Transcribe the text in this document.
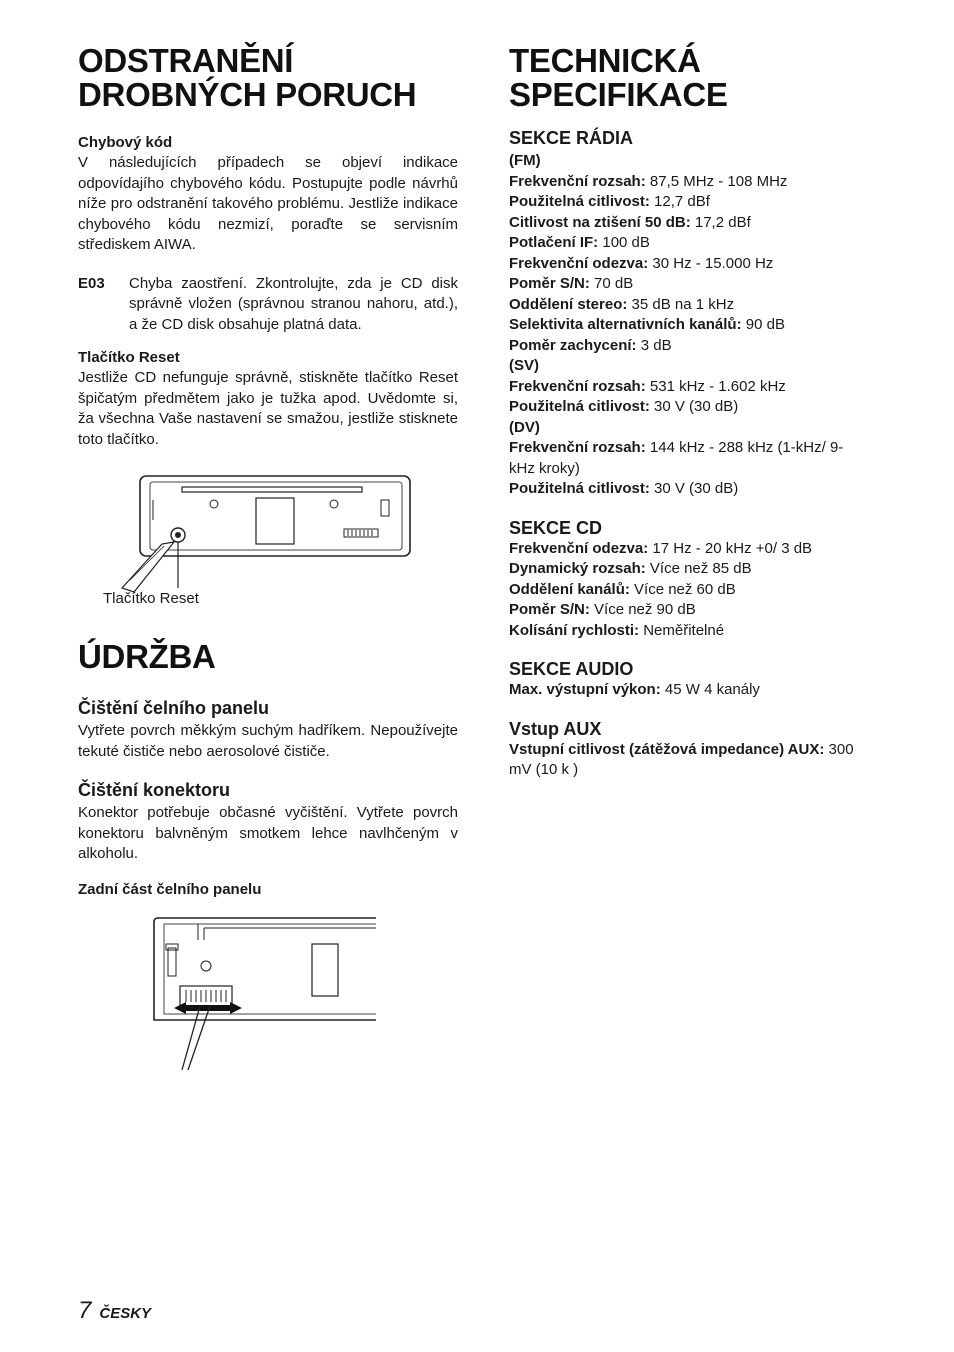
ODSTRANĚNÍ
DROBNÝCH PORUCH

Chybový kód

V následujících případech se objeví indikace odpovídajího chybového kódu. Postupujte podle návrhů níže pro odstranění takového problému. Jestliže indikace chybového kódu nezmizí, poraďte se servisním střediskem AIWA.

E03	Chyba zaostření. Zkontrolujte, zda je CD disk správně vložen (správnou stranou nahoru, atd.), a že CD disk obsahuje platná data.

Tlačítko Reset

Jestliže CD nefunguje správně, stiskněte tlačítko Reset špičatým předmětem jako je tužka apod. Uvědomte si, ža všechna Vaše nastavení se smažou, jestliže stisknete toto tlačítko.

Tlačítko Reset
ÚDRŽBA

Čištění čelního panelu

Vytřete povrch měkkým suchým hadříkem. Nepoužívejte tekuté čističe nebo aerosolové čističe.

Čištění konektoru

Konektor potřebuje občasné vyčištění. Vytřete povrch konektoru balvněným smotkem lehce navlhčeným v alkoholu.

Zadní část čelního panelu

TECHNICKÁ
SPECIFIKACE

SEKCE RÁDIA

(FM)

Frekvenční rozsah: 87,5 MHz - 108 MHz

Použitelná citlivost: 12,7 dBf

Citlivost na ztišení 50 dB: 17,2 dBf

Potlačení IF: 100 dB

Frekvenční odezva: 30 Hz - 15.000 Hz

Poměr S/N: 70 dB

Oddělení stereo: 35 dB na 1 kHz

Selektivita alternativních kanálů: 90 dB

Poměr zachycení: 3 dB

(SV)

Frekvenční rozsah: 531 kHz - 1.602 kHz

Použitelná citlivost: 30 V (30 dB)

(DV)

Frekvenční rozsah: 144 kHz - 288 kHz (1-kHz/ 9-kHz kroky)

Použitelná citlivost: 30 V (30 dB)

SEKCE CD

Frekvenční odezva: 17 Hz - 20 kHz +0/ 3 dB

Dynamický rozsah: Více než 85 dB

Oddělení kanálů: Více než 60 dB

Poměr S/N: Více než 90 dB

Kolísání rychlosti: Neměřitelné

SEKCE AUDIO

Max. výstupní výkon: 45 W 4 kanály

Vstup AUX

Vstupní citlivost (zátěžová impedance) AUX: 300 mV (10 k )

7 ČESKY
